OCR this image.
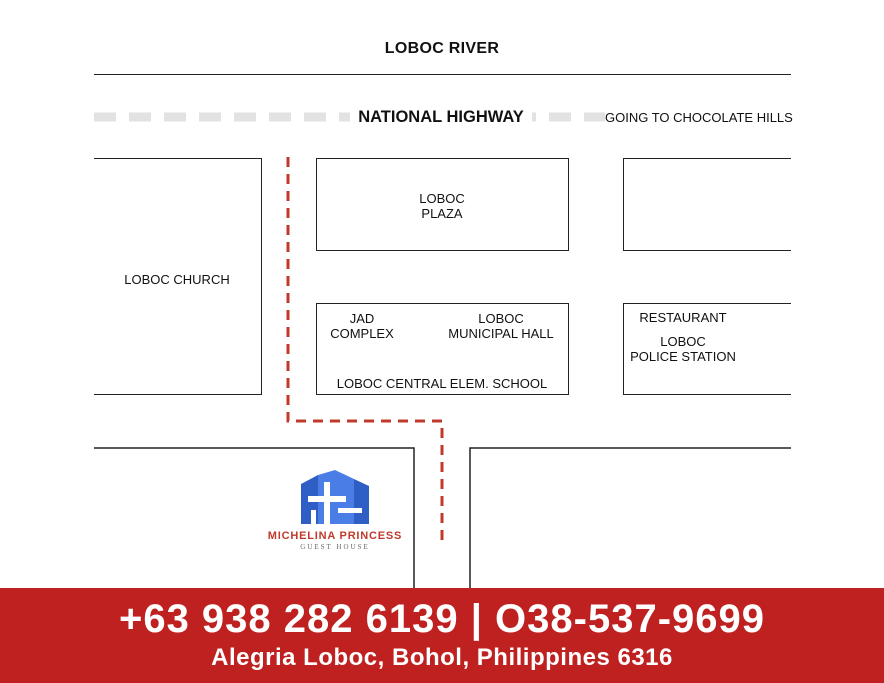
LOBOC RIVER
NATIONAL HIGHWAY	GOING TO CHOCOLATE HILLS
LOBOC CHURCH
LOBOC
PLAZA
JAD
COMPLEX
LOBOC
MUNICIPAL HALL
LOBOC CENTRAL ELEM. SCHOOL
RESTAURANT
LOBOC
POLICE STATION
MICHELINA PRINCESS
GUEST HOUSE
+63 938 282 6139 | O38-537-9699
Alegria Loboc, Bohol, Philippines 6316
